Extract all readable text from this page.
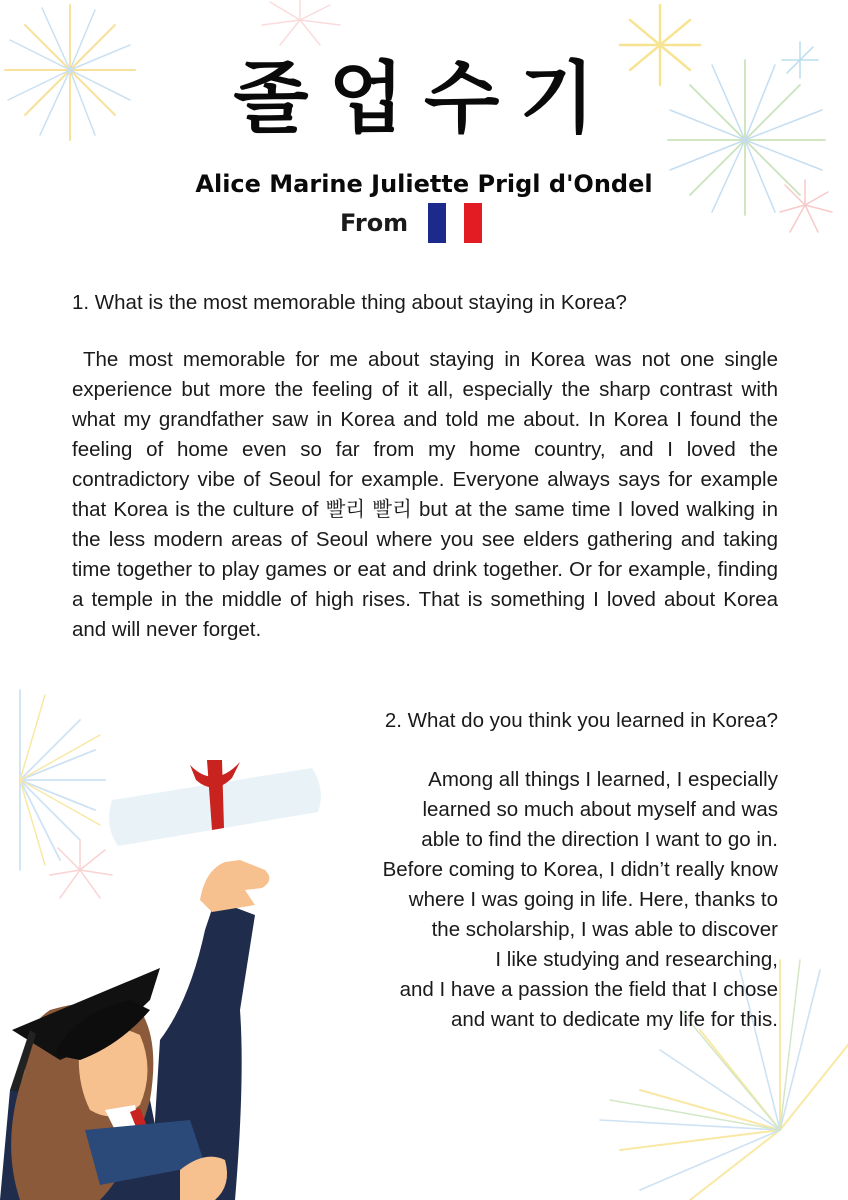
졸업수기
Alice Marine Juliette Prigl d'Ondel
From
1. What is the most memorable thing about staying in Korea?
The most memorable for me about staying in Korea was not one single experience but more the feeling of it all, especially the sharp contrast with what my grandfather saw in Korea and told me about. In Korea I found the feeling of home even so far from my home country, and I loved the contradictory vibe of Seoul for example. Everyone always says for example that Korea is the culture of 빨리 빨리 but at the same time I loved walking in the less modern areas of Seoul where you see elders gathering and taking time together to play games or eat and drink together. Or for example, finding a temple in the middle of high rises. That is something I loved about Korea and will never forget.
2. What do you think you learned in Korea?
Among all things I learned, I especially
learned so much about myself and was
able to find the direction I want to go in.
Before coming to Korea, I didn’t really know
where I was going in life. Here, thanks to
the scholarship, I was able to discover
I like studying and researching,
and I have a passion the field that I chose
and want to dedicate my life for this.
